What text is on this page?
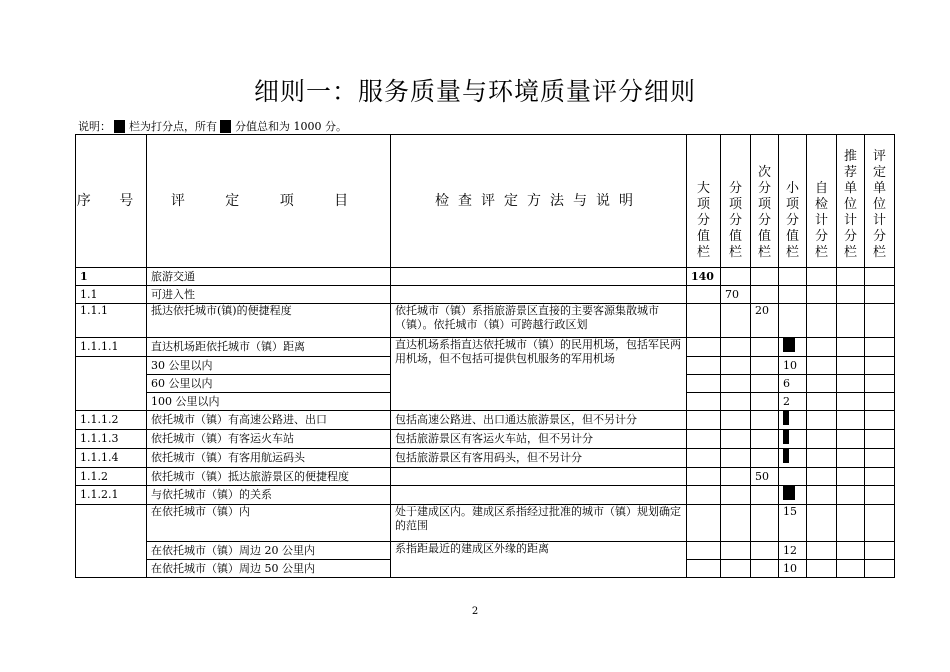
细则一：服务质量与环境质量评分细则
说明： 栏为打分点，所有 分值总和为 1000 分。
序 号	评 定 项 目	检查评定方法与说明	大项分值栏	分项分值栏	次分项分值栏	小项分值栏	自检计分栏	推荐单位计分栏	评定单位计分栏
1	旅游交通		140						
1.1	可进入性			70					
1.1.1	抵达依托城市(镇)的便捷程度	依托城市（镇）系指旅游景区直接的主要客源集散城市（镇）。依托城市（镇）可跨越行政区划			20				
1.1.1.1	直达机场距依托城市（镇）距离	直达机场系指直达依托城市（镇）的民用机场，包括军民两用机场，但不包括可提供包机服务的军用机场							
	30 公里以内					10			
	60 公里以内					6			
	100 公里以内					2			
1.1.1.2	依托城市（镇）有高速公路进、出口	包括高速公路进、出口通达旅游景区，但不另计分							
1.1.1.3	依托城市（镇）有客运火车站	包括旅游景区有客运火车站，但不另计分							
1.1.1.4	依托城市（镇）有客用航运码头	包括旅游景区有客用码头，但不另计分							
1.1.2	依托城市（镇）抵达旅游景区的便捷程度				50				
1.1.2.1	与依托城市（镇）的关系								
	在依托城市（镇）内	处于建成区内。建成区系指经过批准的城市（镇）规划确定的范围				15			
	在依托城市（镇）周边 20 公里内	系指距最近的建成区外缘的距离				12			
	在依托城市（镇）周边 50 公里内					10			
2
